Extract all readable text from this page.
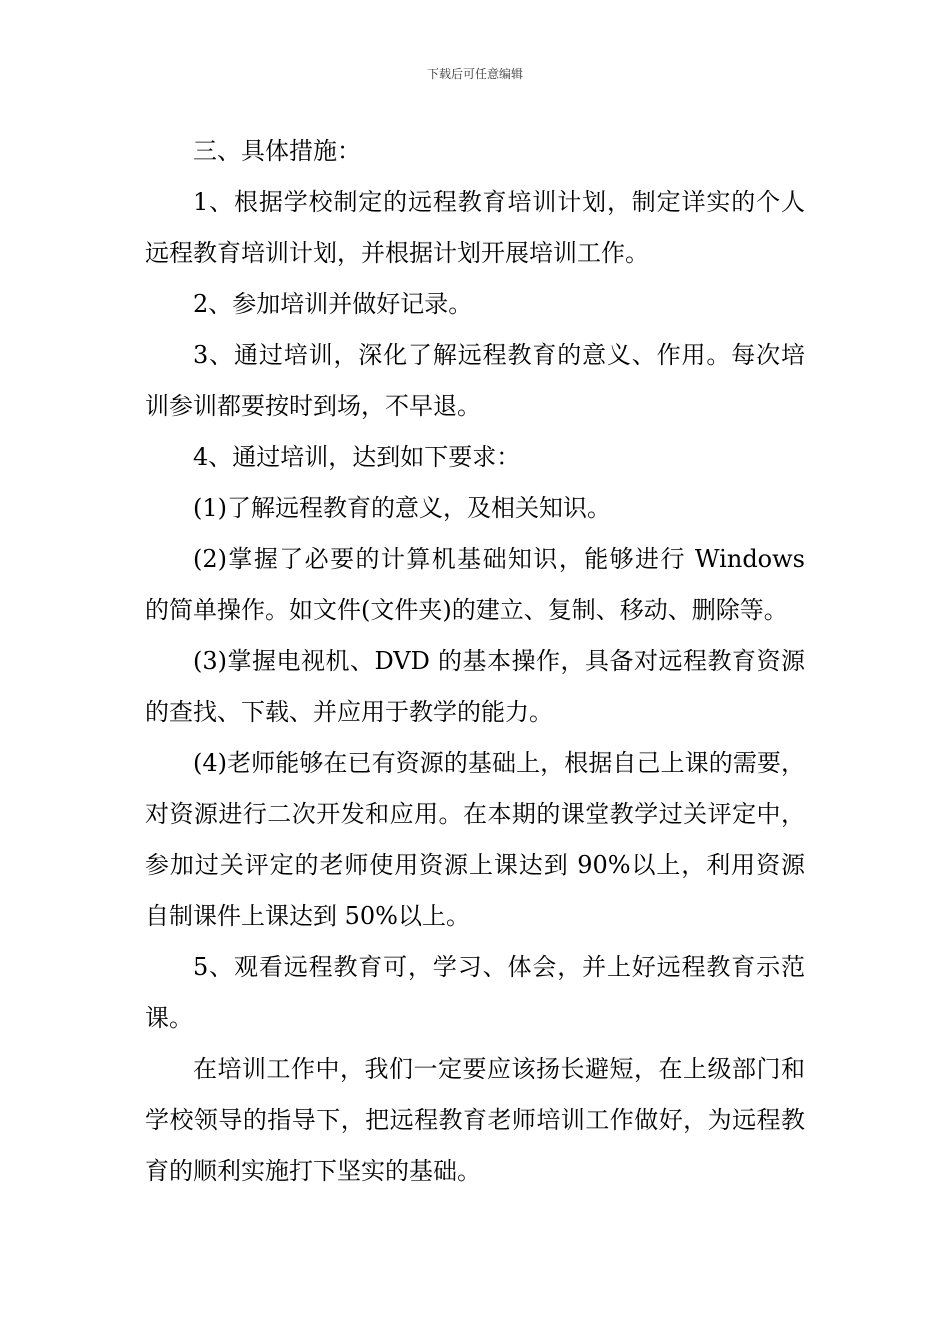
下载后可任意编辑

三、具体措施：

1、根据学校制定的远程教育培训计划，制定详实的个人远程教育培训计划，并根据计划开展培训工作。

2、参加培训并做好记录。

3、通过培训，深化了解远程教育的意义、作用。每次培训参训都要按时到场，不早退。

4、通过培训，达到如下要求：

(1)了解远程教育的意义，及相关知识。

(2)掌握了必要的计算机基础知识，能够进行 Windows 的简单操作。如文件(文件夹)的建立、复制、移动、删除等。

(3)掌握电视机、DVD 的基本操作，具备对远程教育资源的查找、下载、并应用于教学的能力。

(4)老师能够在已有资源的基础上，根据自己上课的需要，对资源进行二次开发和应用。在本期的课堂教学过关评定中，参加过关评定的老师使用资源上课达到 90%以上，利用资源自制课件上课达到 50%以上。

5、观看远程教育可，学习、体会，并上好远程教育示范课。

在培训工作中，我们一定要应该扬长避短，在上级部门和学校领导的指导下，把远程教育老师培训工作做好，为远程教育的顺利实施打下坚实的基础。
